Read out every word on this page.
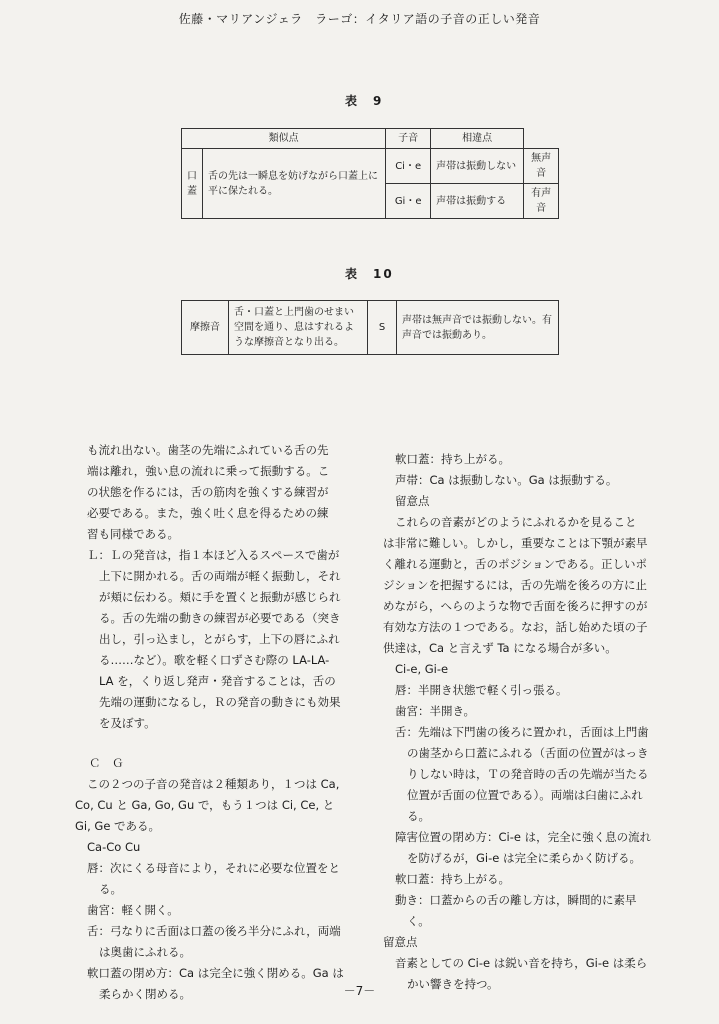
佐藤・マリアンジェラ　ラーゴ：イタリア語の子音の正しい発音
表　9
類似点		子音	相違点	
口蓋	舌の先は一瞬息を妨げながら口蓋上に平に保たれる。	Ci・e	声帯は振動しない	無声音
		Gi・e	声帯は振動する	有声音
表　10
摩擦音	舌・口蓋と上門歯のせまい空間を通り、息はすれるような摩擦音となり出る。	S	声帯は無声音では振動しない。有声音では振動あり。

も流れ出ない。歯茎の先端にふれている舌の先

端は離れ，強い息の流れに乗って振動する。こ

の状態を作るには，舌の筋肉を強くする練習が

必要である。また，強く吐く息を得るための練

習も同様である。

Ｌ：Ｌの発音は，指１本ほど入るスペースで歯が

上下に開かれる。舌の両端が軽く振動し，それ

が頬に伝わる。頬に手を置くと振動が感じられ

る。舌の先端の動きの練習が必要である（突き

出し，引っ込まし，とがらす，上下の唇にふれ

る……など）。歌を軽く口ずさむ際の LA-LA-

LA を，くり返し発声・発音することは，舌の

先端の運動になるし，Ｒの発音の動きにも効果

を及ぼす。

Ｃ　Ｇ

この２つの子音の発音は２種類あり，１つは Ca,

Co, Cu と Ga, Go, Gu で，もう１つは Ci, Ce, と

Gi, Ge である。

Ca-Co Cu

唇：次にくる母音により，それに必要な位置をと

る。

歯宮：軽く開く。

舌：弓なりに舌面は口蓋の後ろ半分にふれ，両端

は奥歯にふれる。

軟口蓋の閉め方：Ca は完全に強く閉める。Ga は

柔らかく閉める。

軟口蓋：持ち上がる。

声帯：Ca は振動しない。Ga は振動する。

留意点

これらの音素がどのようにふれるかを見ること

は非常に難しい。しかし，重要なことは下顎が素早

く離れる運動と，舌のポジションである。正しいポ

ジションを把握するには，舌の先端を後ろの方に止

めながら，へらのような物で舌面を後ろに押すのが

有効な方法の１つである。なお，話し始めた頃の子

供達は，Ca と言えず Ta になる場合が多い。

Ci-e, Gi-e

唇：半開き状態で軽く引っ張る。

歯宮：半開き。

舌：先端は下門歯の後ろに置かれ，舌面は上門歯

の歯茎から口蓋にふれる（舌面の位置がはっき

りしない時は，Ｔの発音時の舌の先端が当たる

位置が舌面の位置である）。両端は臼歯にふれ

る。

障害位置の閉め方：Ci-e は，完全に強く息の流れ

を防げるが，Gi-e は完全に柔らかく防げる。

軟口蓋：持ち上がる。

動き：口蓋からの舌の離し方は，瞬間的に素早

く。

留意点

音素としての Ci-e は鋭い音を持ち，Gi-e は柔ら

かい響きを持つ。

－7－
